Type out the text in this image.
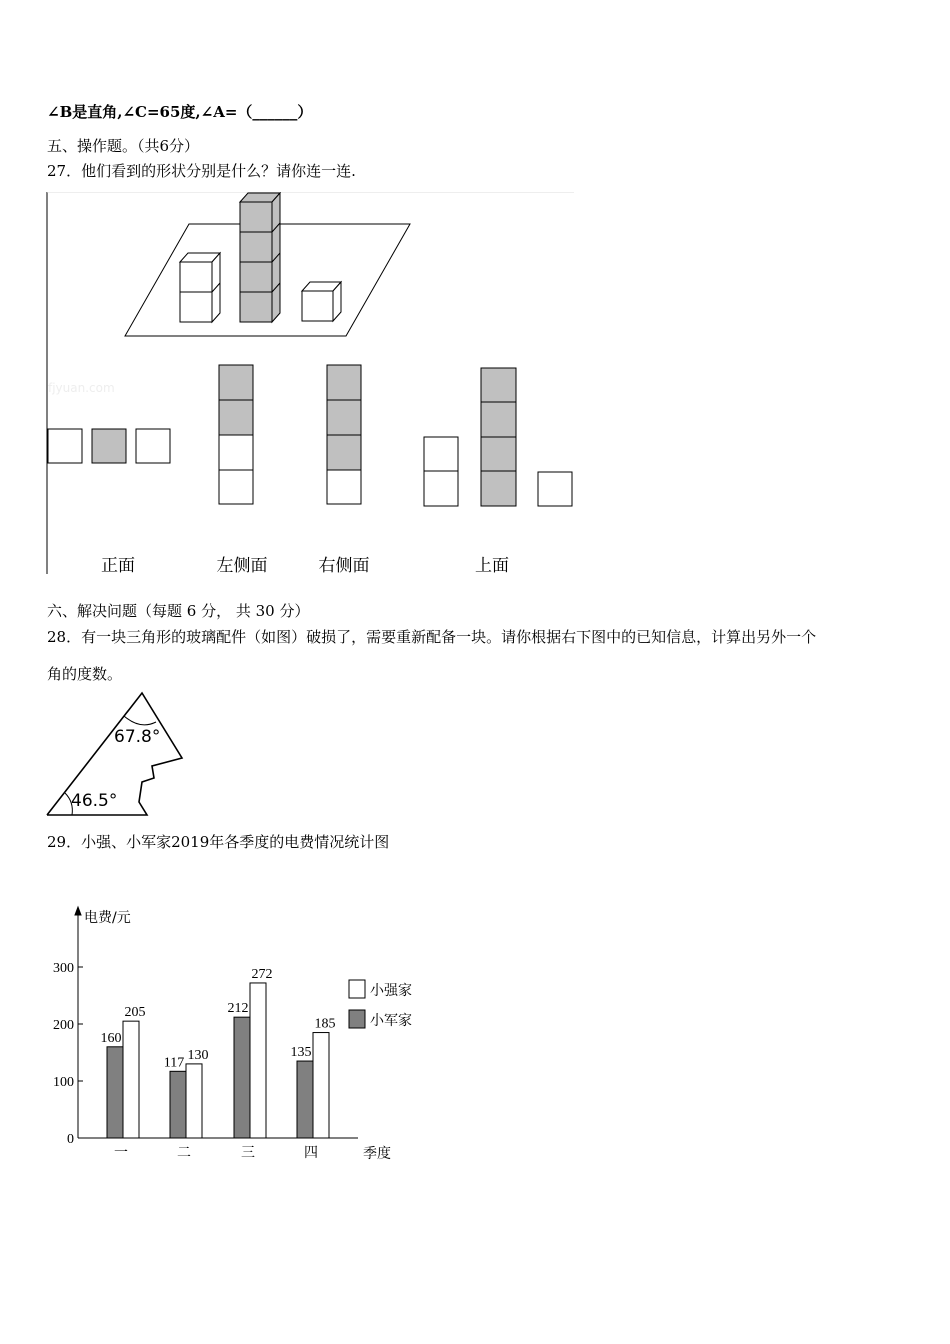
∠B是直角,∠C=65度,∠A=（______）
五、操作题。（共6分）
27．他们看到的形状分别是什么？请你连一连.
fjyuan.com
正面	左侧面	右侧面	上面
六、解决问题（每题 6 分， 共 30 分）
28．有一块三角形的玻璃配件（如图）破损了，需要重新配备一块。请你根据右下图中的已知信息，计算出另外一个
角的度数。
67.8°
46.5°
29．小强、小军家2019年各季度的电费情况统计图
电费/元
季度
0
100
200
300
160
205
117 130
212
272
135
185
一	二	三	四
小强家
小军家
